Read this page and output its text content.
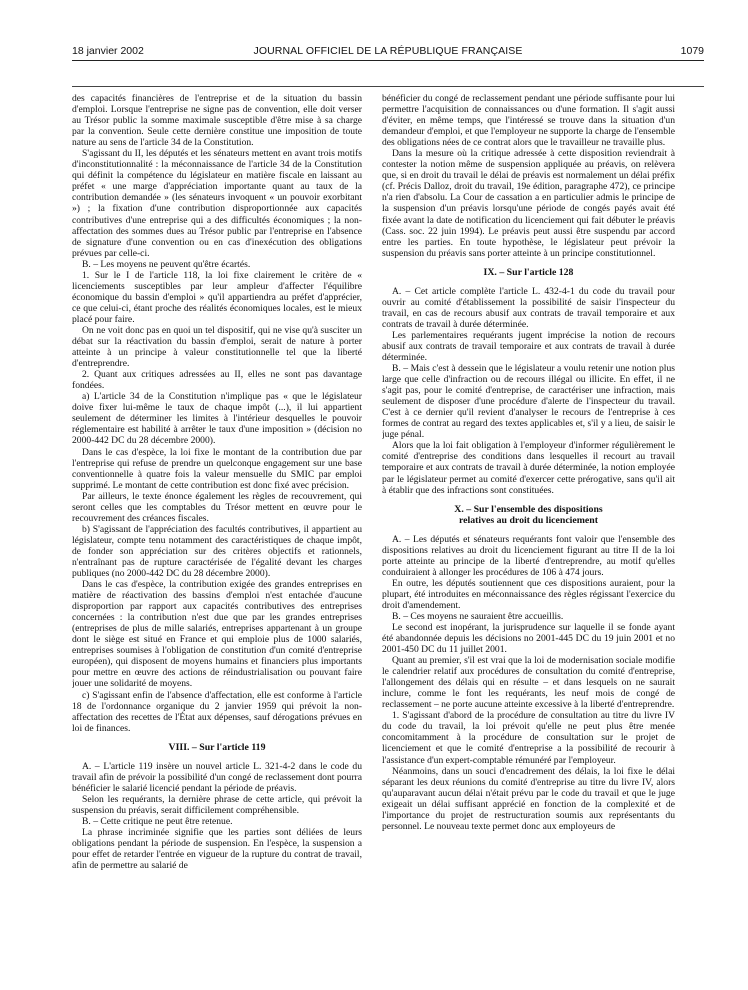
18 janvier 2002	JOURNAL OFFICIEL DE LA RÉPUBLIQUE FRANÇAISE	1079

des capacités financières de l'entreprise et de la situation du bassin d'emploi. Lorsque l'entreprise ne signe pas de convention, elle doit verser au Trésor public la somme maximale susceptible d'être mise à sa charge par la convention. Seule cette dernière constitue une imposition de toute nature au sens de l'article 34 de la Constitution.

S'agissant du II, les députés et les sénateurs mettent en avant trois motifs d'inconstitutionnalité : la méconnaissance de l'article 34 de la Constitution qui définit la compétence du législateur en matière fiscale en laissant au préfet « une marge d'appréciation importante quant au taux de la contribution demandée » (les sénateurs invoquent « un pouvoir exorbitant ») ; la fixation d'une contribution disproportionnée aux capacités contributives d'une entreprise qui a des difficultés économiques ; la non-affectation des sommes dues au Trésor public par l'entreprise en l'absence de signature d'une convention ou en cas d'inexécution des obligations prévues par celle-ci.

B. – Les moyens ne peuvent qu'être écartés.

1. Sur le I de l'article 118, la loi fixe clairement le critère de « licenciements susceptibles par leur ampleur d'affecter l'équilibre économique du bassin d'emploi » qu'il appartiendra au préfet d'apprécier, ce que celui-ci, étant proche des réalités économiques locales, est le mieux placé pour faire.

On ne voit donc pas en quoi un tel dispositif, qui ne vise qu'à susciter un débat sur la réactivation du bassin d'emploi, serait de nature à porter atteinte à un principe à valeur constitutionnelle tel que la liberté d'entreprendre.

2. Quant aux critiques adressées au II, elles ne sont pas davantage fondées.

a) L'article 34 de la Constitution n'implique pas « que le législateur doive fixer lui-même le taux de chaque impôt (...), il lui appartient seulement de déterminer les limites à l'intérieur desquelles le pouvoir réglementaire est habilité à arrêter le taux d'une imposition » (décision no 2000-442 DC du 28 décembre 2000).

Dans le cas d'espèce, la loi fixe le montant de la contribution due par l'entreprise qui refuse de prendre un quelconque engagement sur une base conventionnelle à quatre fois la valeur mensuelle du SMIC par emploi supprimé. Le montant de cette contribution est donc fixé avec précision.

Par ailleurs, le texte énonce également les règles de recouvrement, qui seront celles que les comptables du Trésor mettent en œuvre pour le recouvrement des créances fiscales.

b) S'agissant de l'appréciation des facultés contributives, il appartient au législateur, compte tenu notamment des caractéristiques de chaque impôt, de fonder son appréciation sur des critères objectifs et rationnels, n'entraînant pas de rupture caractérisée de l'égalité devant les charges publiques (no 2000-442 DC du 28 décembre 2000).

Dans le cas d'espèce, la contribution exigée des grandes entreprises en matière de réactivation des bassins d'emploi n'est entachée d'aucune disproportion par rapport aux capacités contributives des entreprises concernées : la contribution n'est due que par les grandes entreprises (entreprises de plus de mille salariés, entreprises appartenant à un groupe dont le siège est situé en France et qui emploie plus de 1000 salariés, entreprises soumises à l'obligation de constitution d'un comité d'entreprise européen), qui disposent de moyens humains et financiers plus importants pour mettre en œuvre des actions de réindustrialisation ou pouvant faire jouer une solidarité de moyens.

c) S'agissant enfin de l'absence d'affectation, elle est conforme à l'article 18 de l'ordonnance organique du 2 janvier 1959 qui prévoit la non-affectation des recettes de l'État aux dépenses, sauf dérogations prévues en loi de finances.

VIII. – Sur l'article 119

A. – L'article 119 insère un nouvel article L. 321-4-2 dans le code du travail afin de prévoir la possibilité d'un congé de reclassement dont pourra bénéficier le salarié licencié pendant la période de préavis.

Selon les requérants, la dernière phrase de cette article, qui prévoit la suspension du préavis, serait difficilement compréhensible.

B. – Cette critique ne peut être retenue.

La phrase incriminée signifie que les parties sont déliées de leurs obligations pendant la période de suspension. En l'espèce, la suspension a pour effet de retarder l'entrée en vigueur de la rupture du contrat de travail, afin de permettre au salarié de

bénéficier du congé de reclassement pendant une période suffisante pour lui permettre l'acquisition de connaissances ou d'une formation. Il s'agit aussi d'éviter, en même temps, que l'intéressé se trouve dans la situation d'un demandeur d'emploi, et que l'employeur ne supporte la charge de l'ensemble des obligations nées de ce contrat alors que le travailleur ne travaille plus.

Dans la mesure où la critique adressée à cette disposition reviendrait à contester la notion même de suspension appliquée au préavis, on relèvera que, si en droit du travail le délai de préavis est normalement un délai préfix (cf. Précis Dalloz, droit du travail, 19e édition, paragraphe 472), ce principe n'a rien d'absolu. La Cour de cassation a en particulier admis le principe de la suspension d'un préavis lorsqu'une période de congés payés avait été fixée avant la date de notification du licenciement qui fait débuter le préavis (Cass. soc. 22 juin 1994). Le préavis peut aussi être suspendu par accord entre les parties. En toute hypothèse, le législateur peut prévoir la suspension du préavis sans porter atteinte à un principe constitutionnel.

IX. – Sur l'article 128

A. – Cet article complète l'article L. 432-4-1 du code du travail pour ouvrir au comité d'établissement la possibilité de saisir l'inspecteur du travail, en cas de recours abusif aux contrats de travail temporaire et aux contrats de travail à durée déterminée.

Les parlementaires requérants jugent imprécise la notion de recours abusif aux contrats de travail temporaire et aux contrats de travail à durée déterminée.

B. – Mais c'est à dessein que le législateur a voulu retenir une notion plus large que celle d'infraction ou de recours illégal ou illicite. En effet, il ne s'agit pas, pour le comité d'entreprise, de caractériser une infraction, mais seulement de disposer d'une procédure d'alerte de l'inspecteur du travail. C'est à ce dernier qu'il revient d'analyser le recours de l'entreprise à ces formes de contrat au regard des textes applicables et, s'il y a lieu, de saisir le juge pénal.

Alors que la loi fait obligation à l'employeur d'informer régulièrement le comité d'entreprise des conditions dans lesquelles il recourt au travail temporaire et aux contrats de travail à durée déterminée, la notion employée par le législateur permet au comité d'exercer cette prérogative, sans qu'il ait à établir que des infractions sont constituées.

X. – Sur l'ensemble des dispositions
relatives au droit du licenciement

A. – Les députés et sénateurs requérants font valoir que l'ensemble des dispositions relatives au droit du licenciement figurant au titre II de la loi porte atteinte au principe de la liberté d'entreprendre, au motif qu'elles conduiraient à allonger les procédures de 106 à 474 jours.

En outre, les députés soutiennent que ces dispositions auraient, pour la plupart, été introduites en méconnaissance des règles régissant l'exercice du droit d'amendement.

B. – Ces moyens ne sauraient être accueillis.

Le second est inopérant, la jurisprudence sur laquelle il se fonde ayant été abandonnée depuis les décisions no 2001-445 DC du 19 juin 2001 et no 2001-450 DC du 11 juillet 2001.

Quant au premier, s'il est vrai que la loi de modernisation sociale modifie le calendrier relatif aux procédures de consultation du comité d'entreprise, l'allongement des délais qui en résulte – et dans lesquels on ne saurait inclure, comme le font les requérants, les neuf mois de congé de reclassement – ne porte aucune atteinte excessive à la liberté d'entreprendre.

1. S'agissant d'abord de la procédure de consultation au titre du livre IV du code du travail, la loi prévoit qu'elle ne peut plus être menée concomitamment à la procédure de consultation sur le projet de licenciement et que le comité d'entreprise a la possibilité de recourir à l'assistance d'un expert-comptable rémunéré par l'employeur.

Néanmoins, dans un souci d'encadrement des délais, la loi fixe le délai séparant les deux réunions du comité d'entreprise au titre du livre IV, alors qu'auparavant aucun délai n'était prévu par le code du travail et que le juge exigeait un délai suffisant apprécié en fonction de la complexité et de l'importance du projet de restructuration soumis aux représentants du personnel. Le nouveau texte permet donc aux employeurs de
